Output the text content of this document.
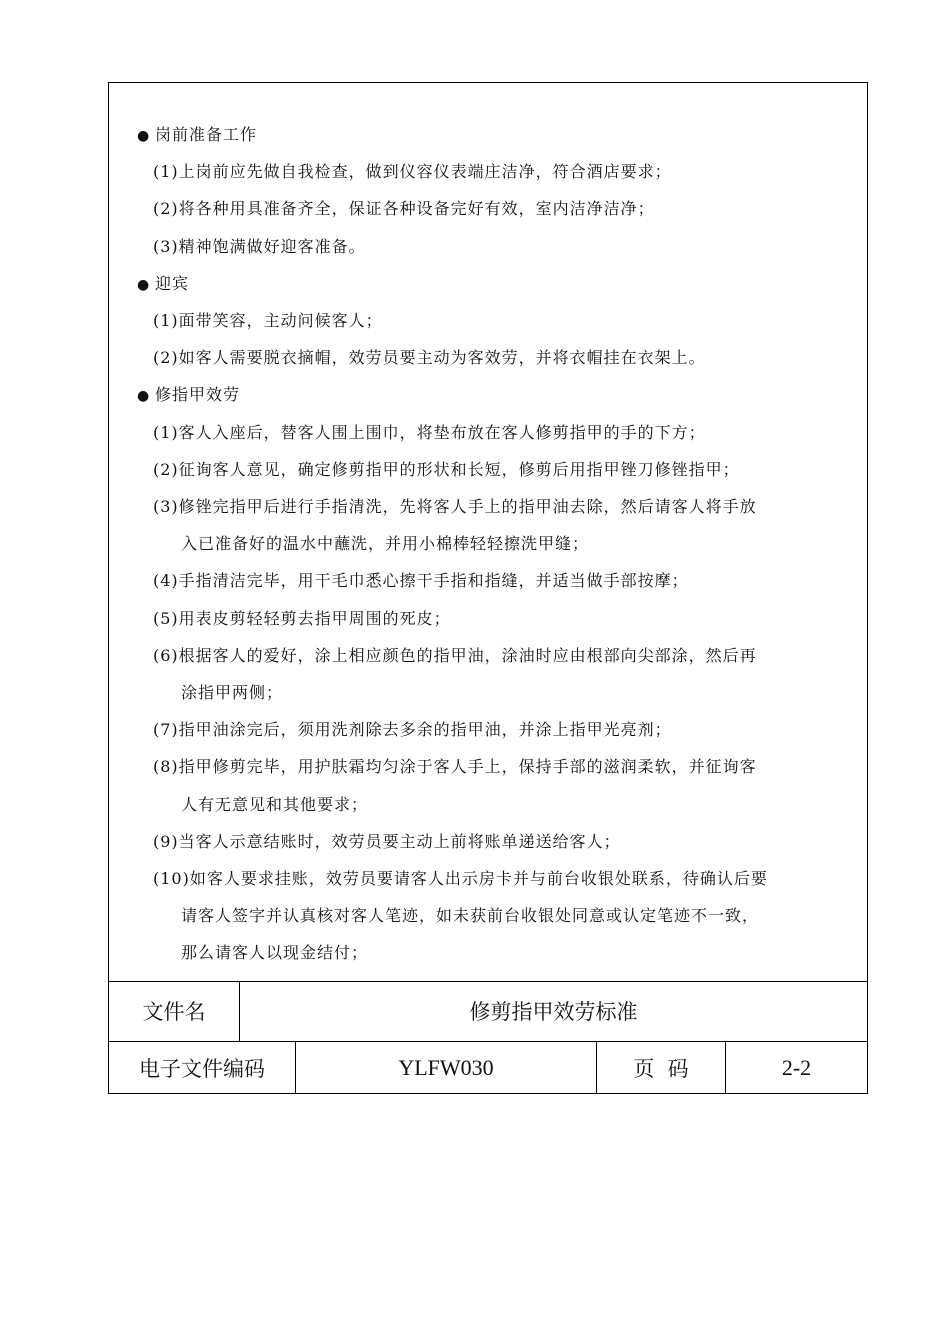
● 岗前准备工作
(1)上岗前应先做自我检查，做到仪容仪表端庄洁净，符合酒店要求；
(2)将各种用具准备齐全，保证各种设备完好有效，室内洁净洁净；
(3)精神饱满做好迎客准备。
● 迎宾
(1)面带笑容，主动问候客人；
(2)如客人需要脱衣摘帽，效劳员要主动为客效劳，并将衣帽挂在衣架上。
● 修指甲效劳
(1)客人入座后，替客人围上围巾，将垫布放在客人修剪指甲的手的下方；
(2)征询客人意见，确定修剪指甲的形状和长短，修剪后用指甲锉刀修锉指甲；
(3)修锉完指甲后进行手指清洗，先将客人手上的指甲油去除，然后请客人将手放
入已准备好的温水中蘸洗，并用小棉棒轻轻擦洗甲缝；
(4)手指清洁完毕，用干毛巾悉心擦干手指和指缝，并适当做手部按摩；
(5)用表皮剪轻轻剪去指甲周围的死皮；
(6)根据客人的爱好，涂上相应颜色的指甲油，涂油时应由根部向尖部涂，然后再
涂指甲两侧；
(7)指甲油涂完后，须用洗剂除去多余的指甲油，并涂上指甲光亮剂；
(8)指甲修剪完毕，用护肤霜均匀涂于客人手上，保持手部的滋润柔软，并征询客
人有无意见和其他要求；
(9)当客人示意结账时，效劳员要主动上前将账单递送给客人；
(10)如客人要求挂账，效劳员要请客人出示房卡并与前台收银处联系，待确认后要
请客人签字并认真核对客人笔迹，如未获前台收银处同意或认定笔迹不一致，
那么请客人以现金结付；
文件名	修剪指甲效劳标准
电子文件编码	YLFW030	页  码	2-2
